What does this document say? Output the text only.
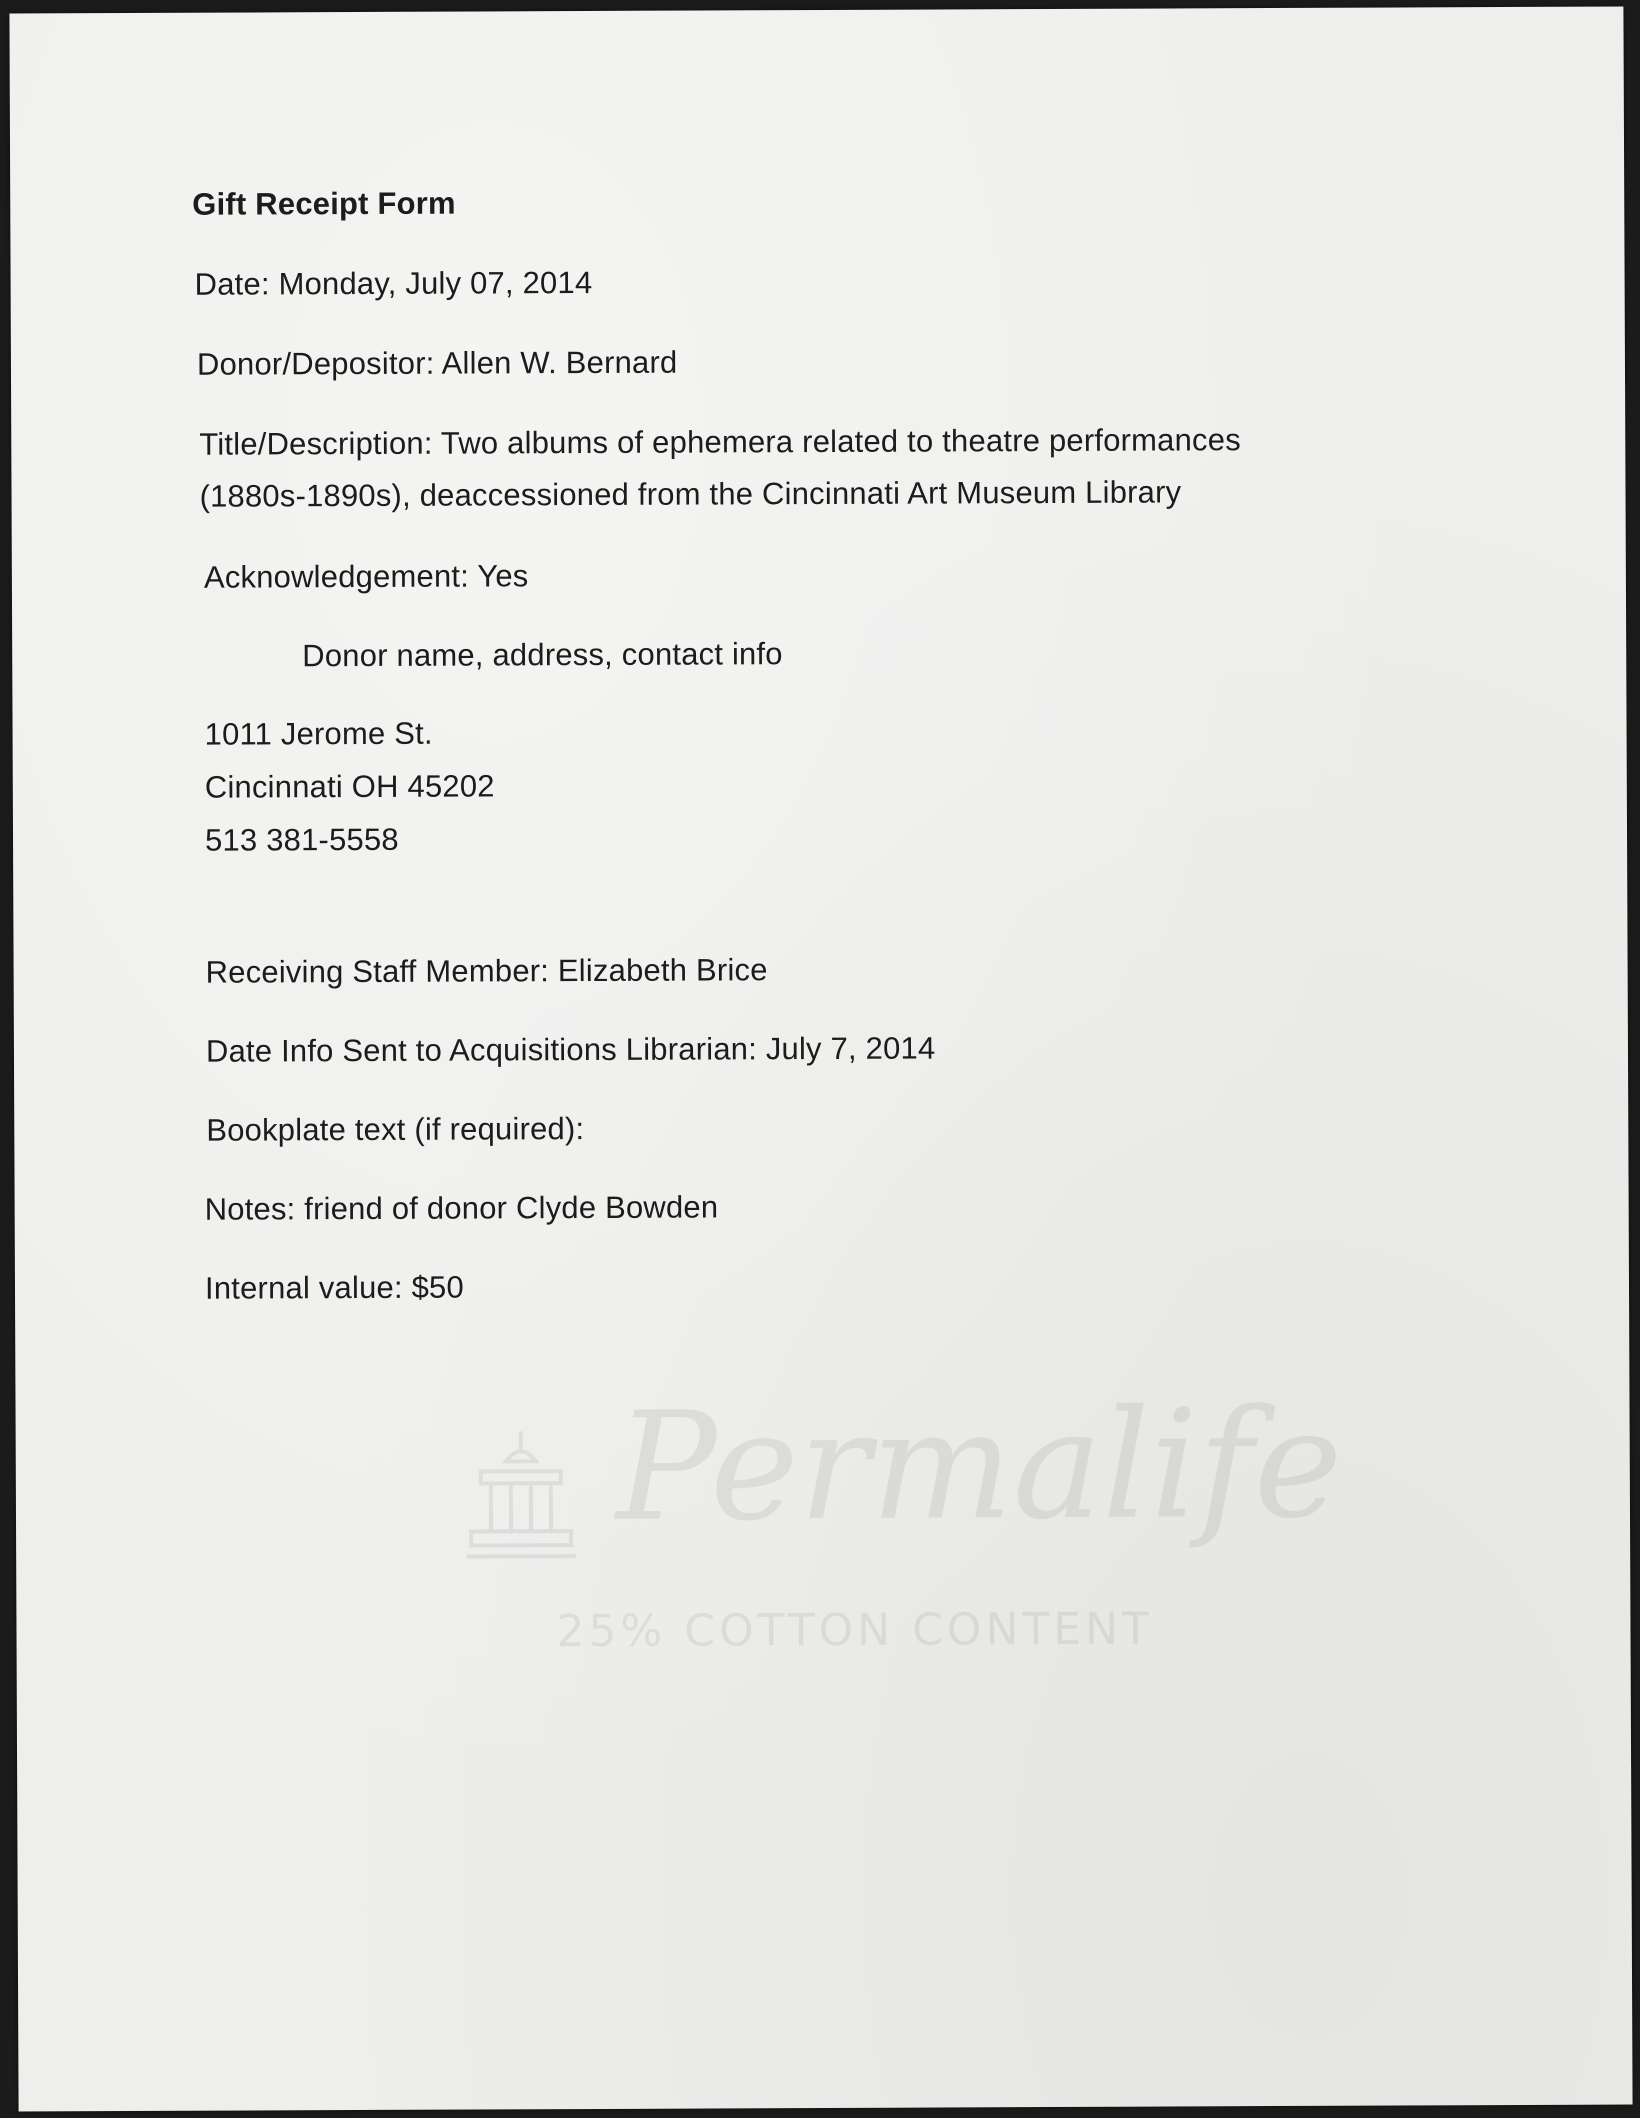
Gift Receipt Form
Date: Monday, July 07, 2014
Donor/Depositor: Allen W. Bernard
Title/Description: Two albums of ephemera related to theatre performances
(1880s-1890s), deaccessioned from the Cincinnati Art Museum Library
Acknowledgement: Yes
Donor name, address, contact info
1011 Jerome St.
Cincinnati OH 45202
513 381-5558
Receiving Staff Member: Elizabeth Brice
Date Info Sent to Acquisitions Librarian: July 7, 2014
Bookplate text (if required):
Notes: friend of donor Clyde Bowden
Internal value: $50
Permalife
25% COTTON CONTENT
